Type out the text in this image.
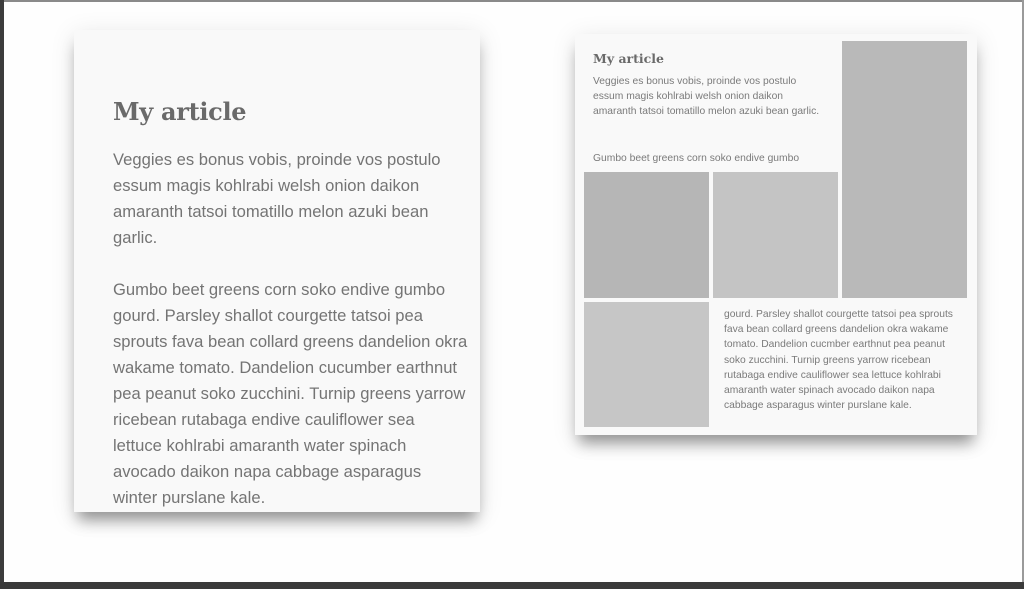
My article

Veggies es bonus vobis, proinde vos postulo essum magis kohlrabi welsh onion daikon amaranth tatsoi tomatillo melon azuki bean garlic.

Gumbo beet greens corn soko endive gumbo gourd. Parsley shallot courgette tatsoi pea sprouts fava bean collard greens dandelion okra wakame tomato. Dandelion cucumber earthnut pea peanut soko zucchini. Turnip greens yarrow ricebean rutabaga endive cauliflower sea lettuce kohlrabi amaranth water spinach avocado daikon napa cabbage asparagus winter purslane kale.

My article

Veggies es bonus vobis, proinde vos postulo essum magis kohlrabi welsh onion daikon amaranth tatsoi tomatillo melon azuki bean garlic.

Gumbo beet greens corn soko endive gumbo

gourd. Parsley shallot courgette tatsoi pea sprouts fava bean collard greens dandelion okra wakame tomato. Dandelion cucmber earthnut pea peanut soko zucchini. Turnip greens yarrow ricebean rutabaga endive cauliflower sea lettuce kohlrabi amaranth water spinach avocado daikon napa cabbage asparagus winter purslane kale.
